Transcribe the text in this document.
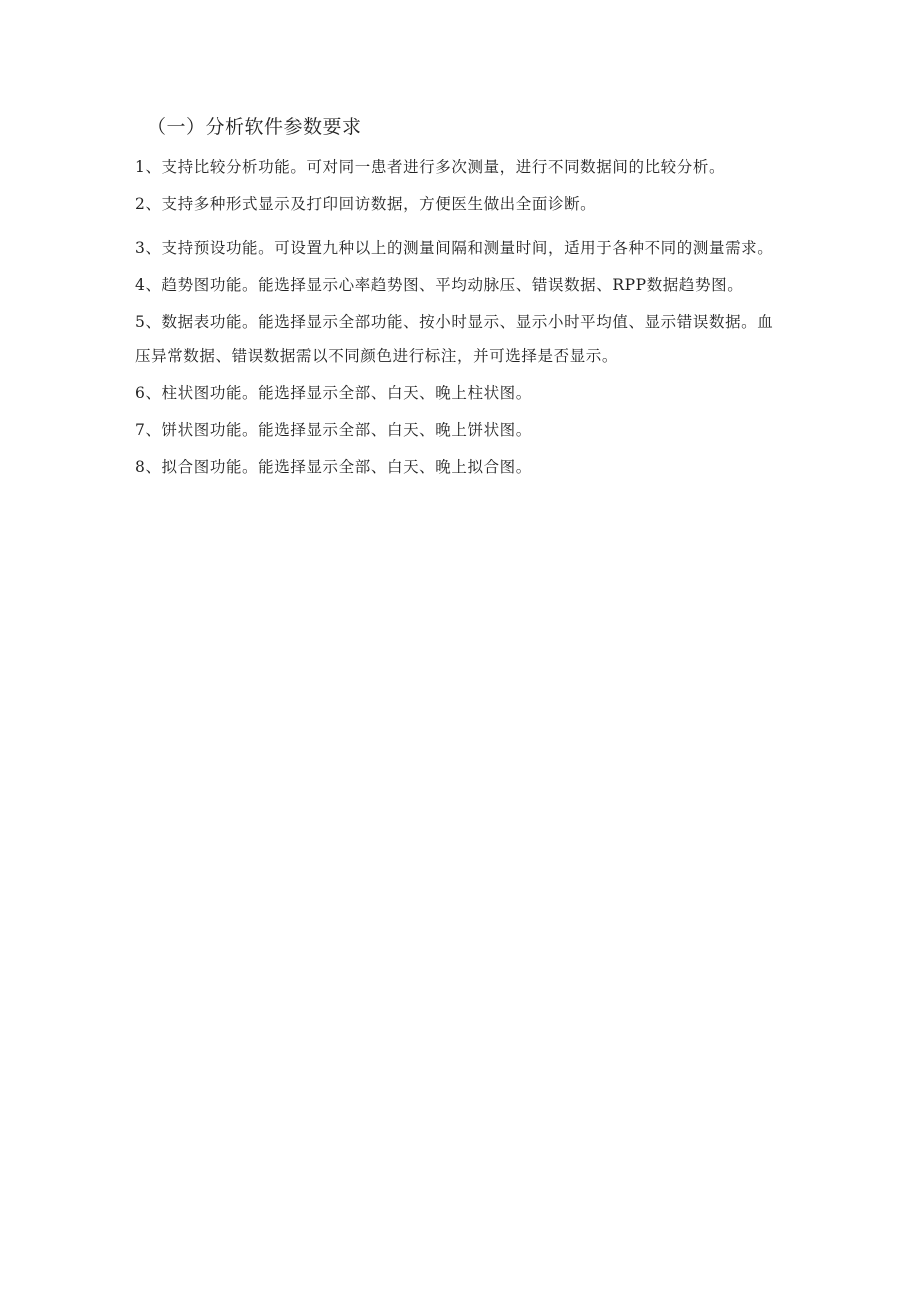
（一）分析软件参数要求
1、支持比较分析功能。可对同一患者进行多次测量，进行不同数据间的比较分析。
2、支持多种形式显示及打印回访数据，方便医生做出全面诊断。
3、支持预设功能。可设置九种以上的测量间隔和测量时间，适用于各种不同的测量需求。
4、趋势图功能。能选择显示心率趋势图、平均动脉压、错误数据、RPP数据趋势图。
5、数据表功能。能选择显示全部功能、按小时显示、显示小时平均值、显示错误数据。血压异常数据、错误数据需以不同颜色进行标注，并可选择是否显示。
6、柱状图功能。能选择显示全部、白天、晚上柱状图。
7、饼状图功能。能选择显示全部、白天、晚上饼状图。
8、拟合图功能。能选择显示全部、白天、晚上拟合图。
